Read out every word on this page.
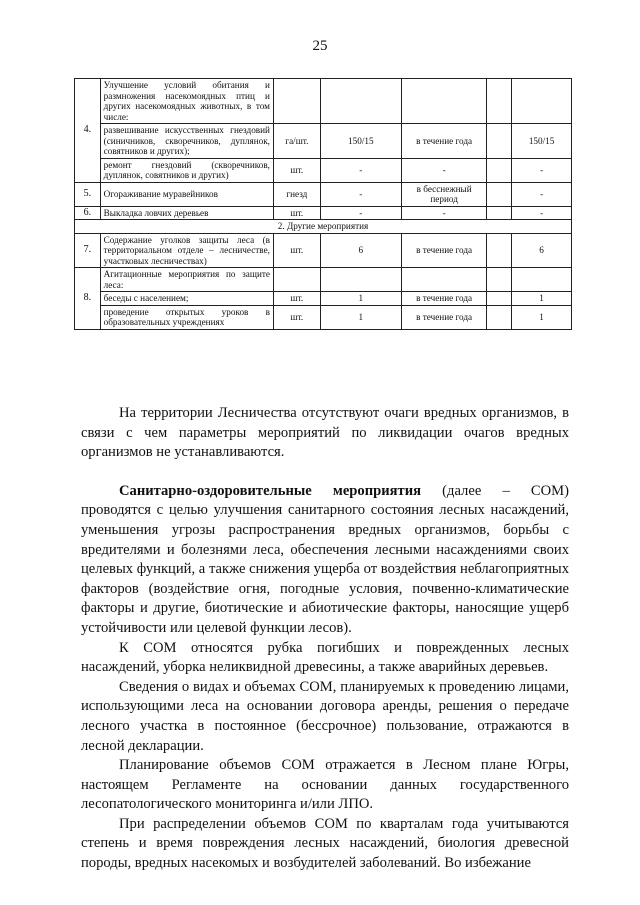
25
4.	Улучшение условий обитания и размножения насекомоядных птиц и других насекомоядных животных, в том числе:					
	развешивание искусственных гнездовий (синичников, скворечников, дуплянок, совятников и других);	га/шт.	150/15	в течение года		150/15
	ремонт гнездовий (скворечников, дуплянок, совятников и других)	шт.	-	-		-
5.	Огораживание муравейников	гнезд	-	в бесснежный период		-
6.	Выкладка ловчих деревьев	шт.	-	-		-
2. Другие мероприятия						
7.	Содержание уголков защиты леса (в территориальном отделе – лесничестве, участковых лесничествах)	шт.	6	в течение года		6
8.	Агитационные мероприятия по защите леса:					
	беседы с населением;	шт.	1	в течение года		1
	проведение открытых уроков в образовательных учреждениях	шт.	1	в течение года		1

На территории Лесничества отсутствуют очаги вредных организмов, в связи с чем параметры мероприятий по ликвидации очагов вредных организмов не устанавливаются.

Санитарно-оздоровительные мероприятия (далее – СОМ) проводятся с целью улучшения санитарного состояния лесных насаждений, уменьшения угрозы распространения вредных организмов, борьбы с вредителями и болезнями леса, обеспечения лесными насаждениями своих целевых функций, а также снижения ущерба от воздействия неблагоприятных факторов (воздействие огня, погодные условия, почвенно-климатические факторы и другие, биотические и абиотические факторы, наносящие ущерб устойчивости или целевой функции лесов).

К СОМ относятся рубка погибших и поврежденных лесных насаждений, уборка неликвидной древесины, а также аварийных деревьев.

Сведения о видах и объемах СОМ, планируемых к проведению лицами, использующими леса на основании договора аренды, решения о передаче лесного участка в постоянное (бессрочное) пользование, отражаются в лесной декларации.

Планирование объемов СОМ отражается в Лесном плане Югры, настоящем Регламенте на основании данных государственного лесопатологического мониторинга и/или ЛПО.

При распределении объемов СОМ по кварталам года учитываются степень и время повреждения лесных насаждений, биология древесной породы, вредных насекомых и возбудителей заболеваний. Во избежание
